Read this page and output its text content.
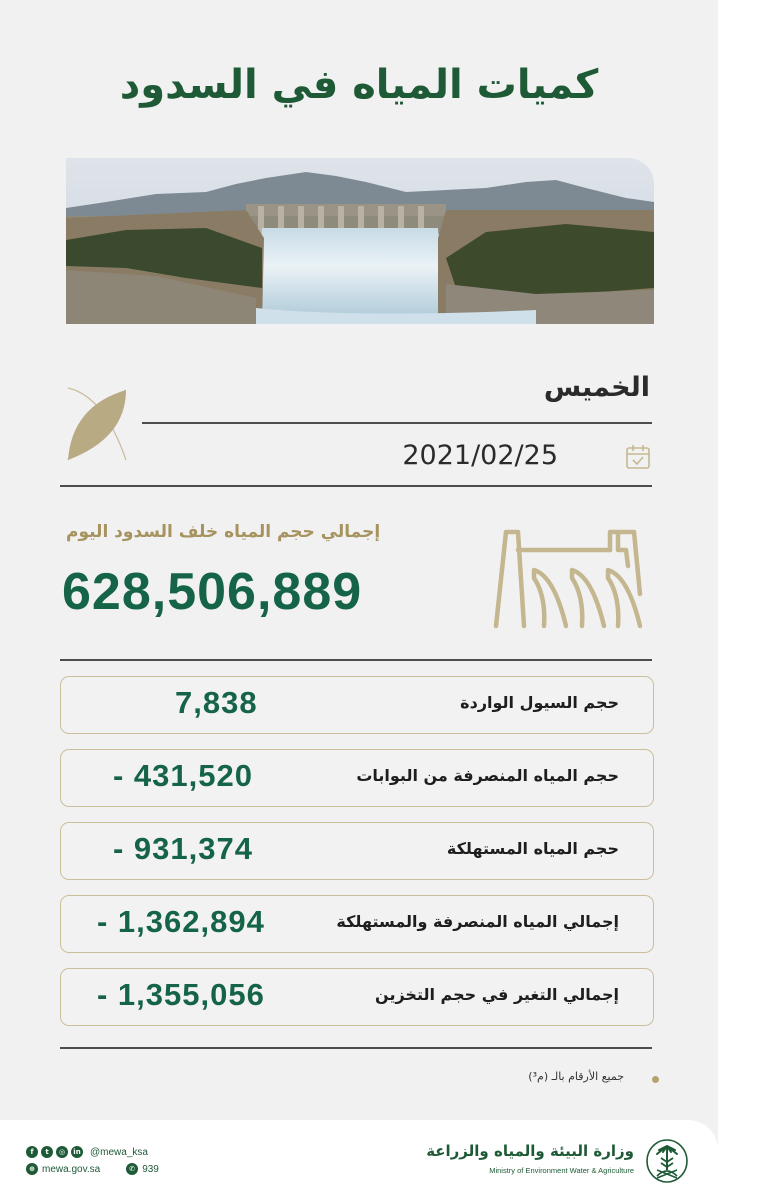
كميات المياه في السدود
الخميس
2021/02/25
إجمالي حجم المياه خلف السدود اليوم
628,506,889
حجم السيول الواردة
7,838
حجم المياه المنصرفة من البوابات
- 431,520
حجم المياه المستهلكة
- 931,374
إجمالي المياه المنصرفة والمستهلكة
- 1,362,894
إجمالي التغير في حجم التخزين
- 1,355,056
جميع الأرقام بالـ (م³)
f	t	◎	in @mewa_ksa
⊕ mewa.gov.sa	✆ 939
وزارة البيئة والمياه والزراعة
Ministry of Environment Water & Agriculture
